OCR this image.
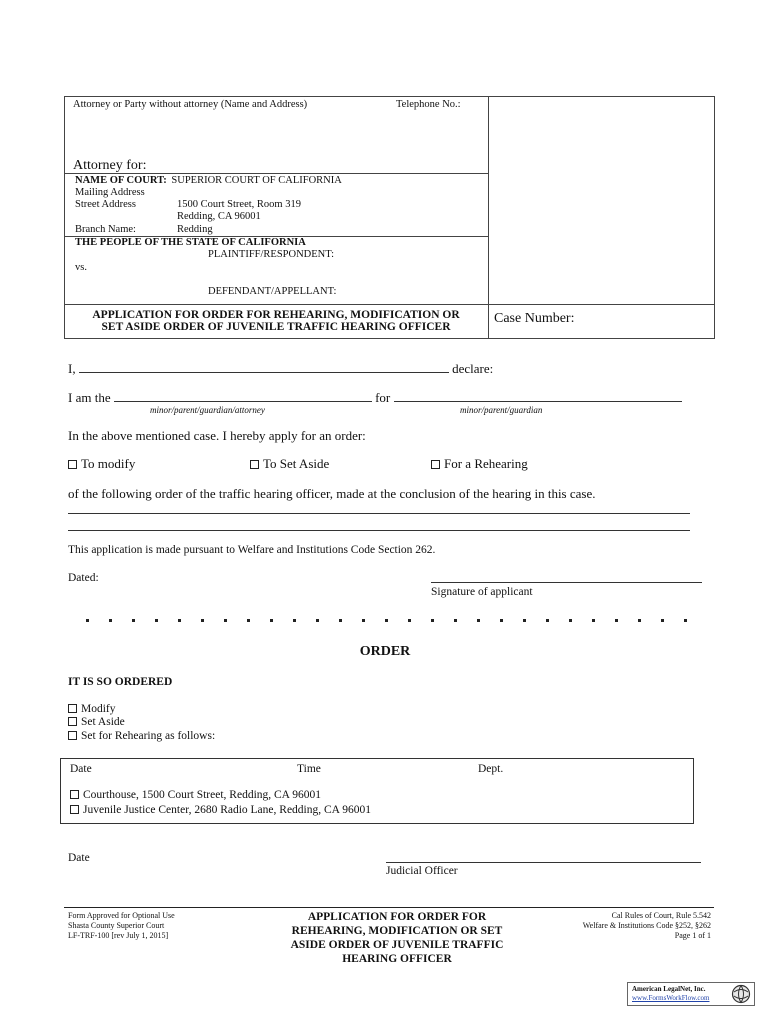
Attorney or Party without attorney (Name and Address)	Telephone No.:
Attorney for:
NAME OF COURT: SUPERIOR COURT OF CALIFORNIA
Mailing Address
Street Address	1500 Court Street, Room 319
Redding, CA 96001
Branch Name:	Redding
THE PEOPLE OF THE STATE OF CALIFORNIA
PLAINTIFF/RESPONDENT:
vs.
DEFENDANT/APPELLANT:
APPLICATION FOR ORDER FOR REHEARING, MODIFICATION OR
SET ASIDE ORDER OF JUVENILE TRAFFIC HEARING OFFICER
Case Number:
I,	declare:
I am the	for
minor/parent/guardian/attorney	minor/parent/guardian
In the above mentioned case. I hereby apply for an order:
To modify	To Set Aside	For a Rehearing
of the following order of the traffic hearing officer, made at the conclusion of the hearing in this case.
This application is made pursuant to Welfare and Institutions Code Section 262.
Dated:
Signature of applicant
ORDER
IT IS SO ORDERED
Modify
Set Aside
Set for Rehearing as follows:
Date	Time	Dept.
Courthouse, 1500 Court Street, Redding, CA 96001
Juvenile Justice Center, 2680 Radio Lane, Redding, CA 96001
Date
Judicial Officer
Form Approved for Optional Use
Shasta County Superior Court
LF-TRF-100 [rev July 1, 2015]
APPLICATION FOR ORDER FOR
REHEARING, MODIFICATION OR SET
ASIDE ORDER OF JUVENILE TRAFFIC
HEARING OFFICER
Cal Rules of Court, Rule 5.542
Welfare & Institutions Code §252, §262
Page 1 of 1
American LegalNet, Inc.
www.FormsWorkFlow.com
